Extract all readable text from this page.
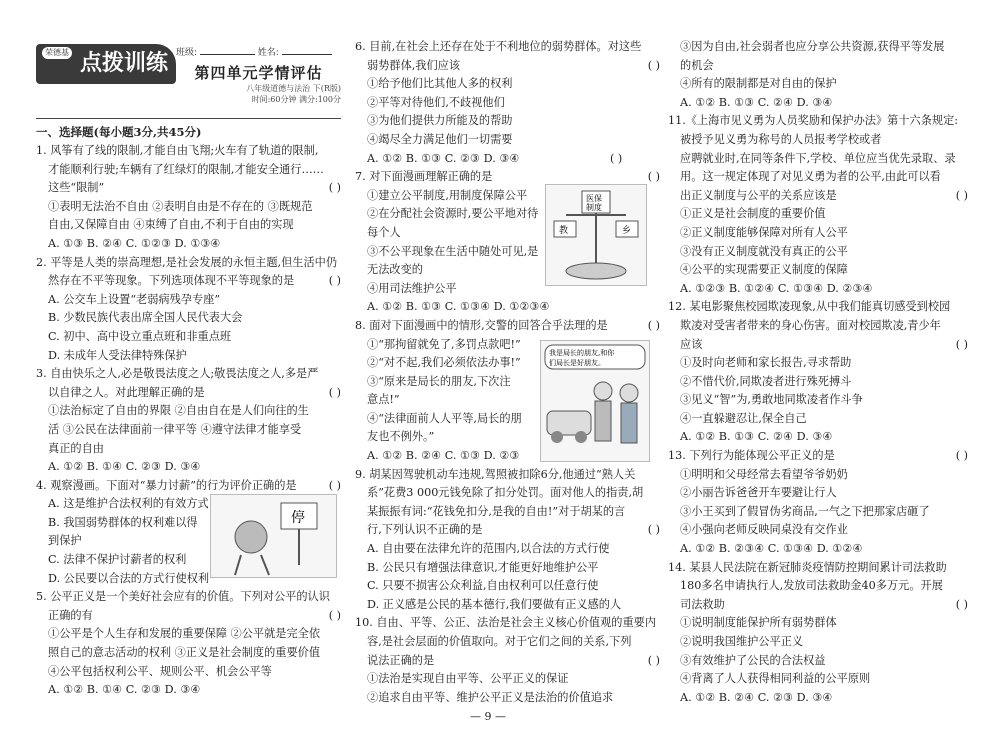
荣德基 点拨训练 班级:	姓名:
第四单元学情评估
八年级道德与法治 下(R版)
时间:60分钟 满分:100分
一、选择题(每小题3分,共45分)
1. 风筝有了线的限制,才能自由飞翔;火车有了轨道的限制,
才能顺利行驶;车辆有了红绿灯的限制,才能安全通行……
这些“限制”	( )
①表明无法治不自由 ②表明自由是不存在的 ③既规范
自由,又保障自由 ④束缚了自由,不利于自由的实现
A. ①③ B. ②④ C. ①②③ D. ①③④
2. 平等是人类的崇高理想,是社会发展的永恒主题,但生活中仍
然存在不平等现象。下列选项体现不平等现象的是	( )
A. 公交车上设置“老弱病残孕专座”
B. 少数民族代表出席全国人民代表大会
C. 初中、高中设立重点班和非重点班
D. 未成年人受法律特殊保护
3. 自由快乐之人,必是敬畏法度之人;敬畏法度之人,多是严
以自律之人。对此理解正确的是	( )
①法治标定了自由的界限 ②自由自在是人们向往的生
活 ③公民在法律面前一律平等 ④遵守法律才能享受
真正的自由
A. ①② B. ①④ C. ②③ D. ③④
4. 观察漫画。下面对“暴力讨薪”的行为评价正确的是	( )
A. 这是维护合法权利的有效方式
B. 我国弱势群体的权利难以得
到保护
C. 法律不保护讨薪者的权利
D. 公民要以合法的方式行使权利
5. 公平正义是一个美好社会应有的价值。下列对公平的认识
正确的有	( )
①公平是个人生存和发展的重要保障 ②公平就是完全依
照自己的意志活动的权利 ③正义是社会制度的重要价值
④公平包括权利公平、规则公平、机会公平等
A. ①② B. ①④ C. ②③ D. ③④
6. 目前,在社会上还存在处于不利地位的弱势群体。对这些
弱势群体,我们应该	( )
①给予他们比其他人多的权利
②平等对待他们,不歧视他们
③为他们提供力所能及的帮助
④竭尽全力满足他们一切需要
A. ①② B. ①③ C. ②③ D. ③④	( )
7. 对下面漫画理解正确的是	( )
①建立公平制度,用制度保障公平
②在分配社会资源时,要公平地对待
每个人
③不公平现象在生活中随处可见,是
无法改变的
④用司法维护公平
A. ①② B. ①③ C. ①③④ D. ①②③④
8. 面对下面漫画中的情形,交警的回答合乎法理的是	( )
①“那拘留就免了,多罚点款吧!”
②“对不起,我们必须依法办事!”
③“原来是局长的朋友,下次注
意点!”
④“法律面前人人平等,局长的朋
友也不例外。”
A. ①② B. ②④ C. ①③ D. ②③
9. 胡某因驾驶机动车违规,驾照被扣除6分,他通过“熟人关
系”花费3 000元钱免除了扣分处罚。面对他人的指责,胡
某振振有词:“花钱免扣分,是我的自由!”对于胡某的言
行,下列认识不正确的是	( )
A. 自由要在法律允许的范围内,以合法的方式行使
B. 公民只有增强法律意识,才能更好地维护公平
C. 只要不损害公众利益,自由权利可以任意行使
D. 正义感是公民的基本德行,我们要做有正义感的人
10. 自由、平等、公正、法治是社会主义核心价值观的重要内
容,是社会层面的价值取向。对于它们之间的关系,下列
说法正确的是	( )
①法治是实现自由平等、公平正义的保证
②追求自由平等、维护公平正义是法治的价值追求
③因为自由,社会弱者也应分享公共资源,获得平等发展
的机会
④所有的限制都是对自由的保护
A. ①② B. ①③ C. ②④ D. ③④
11.《上海市见义勇为人员奖励和保护办法》第十六条规定:
被授予见义勇为称号的人员报考学校或者
应聘就业时,在同等条件下,学校、单位应当优先录取、录
用。这一规定体现了对见义勇为者的公平,由此可以看
出正义制度与公平的关系应该是	( )
①正义是社会制度的重要价值
②正义制度能够保障对所有人公平
③没有正义制度就没有真正的公平
④公平的实现需要正义制度的保障
A. ①②③ B. ①②④ C. ①③④ D. ②③④
12. 某电影聚焦校园欺凌现象,从中我们能真切感受到校园
欺凌对受害者带来的身心伤害。面对校园欺凌,青少年
应该	( )
①及时向老师和家长报告,寻求帮助
②不惜代价,同欺凌者进行殊死搏斗
③见义“智”为,勇敢地同欺凌者作斗争
④一直躲避忍让,保全自己
A. ①② B. ①③ C. ②④ D. ③④
13. 下列行为能体现公平正义的是	( )
①明明和父母经常去看望爷爷奶奶
②小丽告诉爸爸开车要避让行人
③小王买到了假冒伪劣商品,一气之下把那家店砸了
④小强向老师反映同桌没有交作业
A. ①② B. ②③④ C. ①③④ D. ①②④
14. 某县人民法院在新冠肺炎疫情防控期间累计司法救助
180多名申请执行人,发放司法救助金40多万元。开展
司法救助	( )
①说明制度能保护所有弱势群体
②说明我国维护公平正义
③有效维护了公民的合法权益
④背离了人人获得相同利益的公平原则
A. ①② B. ②④ C. ②③ D. ③④
停
医保
制度
教	乡
我是局长的朋友,和你
们局长是好朋友。
— 9 —
